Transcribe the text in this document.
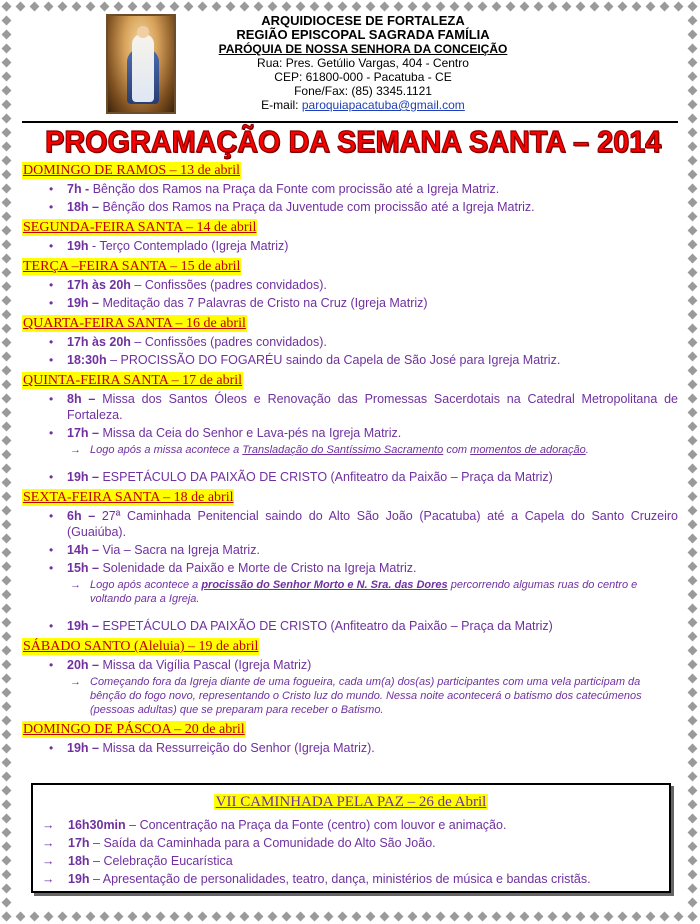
ARQUIDIOCESE DE FORTALEZA
REGIÃO EPISCOPAL SAGRADA FAMÍLIA
PARÓQUIA DE NOSSA SENHORA DA CONCEIÇÃO
Rua: Pres. Getúlio Vargas, 404 - Centro
CEP: 61800-000 - Pacatuba - CE
Fone/Fax: (85) 3345.1121
E-mail: paroquiapacatuba@gmail.com
PROGRAMAÇÃO DA SEMANA SANTA – 2014
DOMINGO DE RAMOS – 13 de abril
• 7h - Bênção dos Ramos na Praça da Fonte com procissão até a Igreja Matriz.
• 18h – Bênção dos Ramos na Praça da Juventude com procissão até a Igreja Matriz.
SEGUNDA-FEIRA SANTA – 14 de abril
• 19h - Terço Contemplado (Igreja Matriz)
TERÇA –FEIRA SANTA – 15 de abril
• 17h às 20h – Confissões (padres convidados).
• 19h – Meditação das 7 Palavras de Cristo na Cruz (Igreja Matriz)
QUARTA-FEIRA SANTA – 16 de abril
• 17h às 20h – Confissões (padres convidados).
• 18:30h – PROCISSÃO DO FOGARÉU saindo da Capela de São José para Igreja Matriz.
QUINTA-FEIRA SANTA – 17 de abril
• 8h – Missa dos Santos Óleos e Renovação das Promessas Sacerdotais na Catedral Metropolitana de Fortaleza.
• 17h – Missa da Ceia do Senhor e Lava-pés na Igreja Matriz.
→ Logo após a missa acontece a Transladação do Santíssimo Sacramento com momentos de adoração.
• 19h – ESPETÁCULO DA PAIXÃO DE CRISTO (Anfiteatro da Paixão – Praça da Matriz)
SEXTA-FEIRA SANTA – 18 de abril
• 6h – 27ª Caminhada Penitencial saindo do Alto São João (Pacatuba) até a Capela do Santo Cruzeiro (Guaiúba).
• 14h – Via – Sacra na Igreja Matriz.
• 15h – Solenidade da Paixão e Morte de Cristo na Igreja Matriz.
→ Logo após acontece a procissão do Senhor Morto e N. Sra. das Dores percorrendo algumas ruas do centro e voltando para a Igreja.
• 19h – ESPETÁCULO DA PAIXÃO DE CRISTO (Anfiteatro da Paixão – Praça da Matriz)
SÁBADO SANTO (Aleluia) – 19 de abril
• 20h – Missa da Vigília Pascal (Igreja Matriz)
→ Começando fora da Igreja diante de uma fogueira, cada um(a) dos(as) participantes com uma vela participam da bênção do fogo novo, representando o Cristo luz do mundo. Nessa noite acontecerá o batismo dos catecúmenos (pessoas adultas) que se preparam para receber o Batismo.
DOMINGO DE PÁSCOA – 20 de abril
• 19h – Missa da Ressurreição do Senhor (Igreja Matriz).
VII CAMINHADA PELA PAZ – 26 de Abril
→ 16h30min – Concentração na Praça da Fonte (centro) com louvor e animação.
→ 17h – Saída da Caminhada para a Comunidade do Alto São João.
→ 18h – Celebração Eucarística
→ 19h – Apresentação de personalidades, teatro, dança, ministérios de música e bandas cristãs.
